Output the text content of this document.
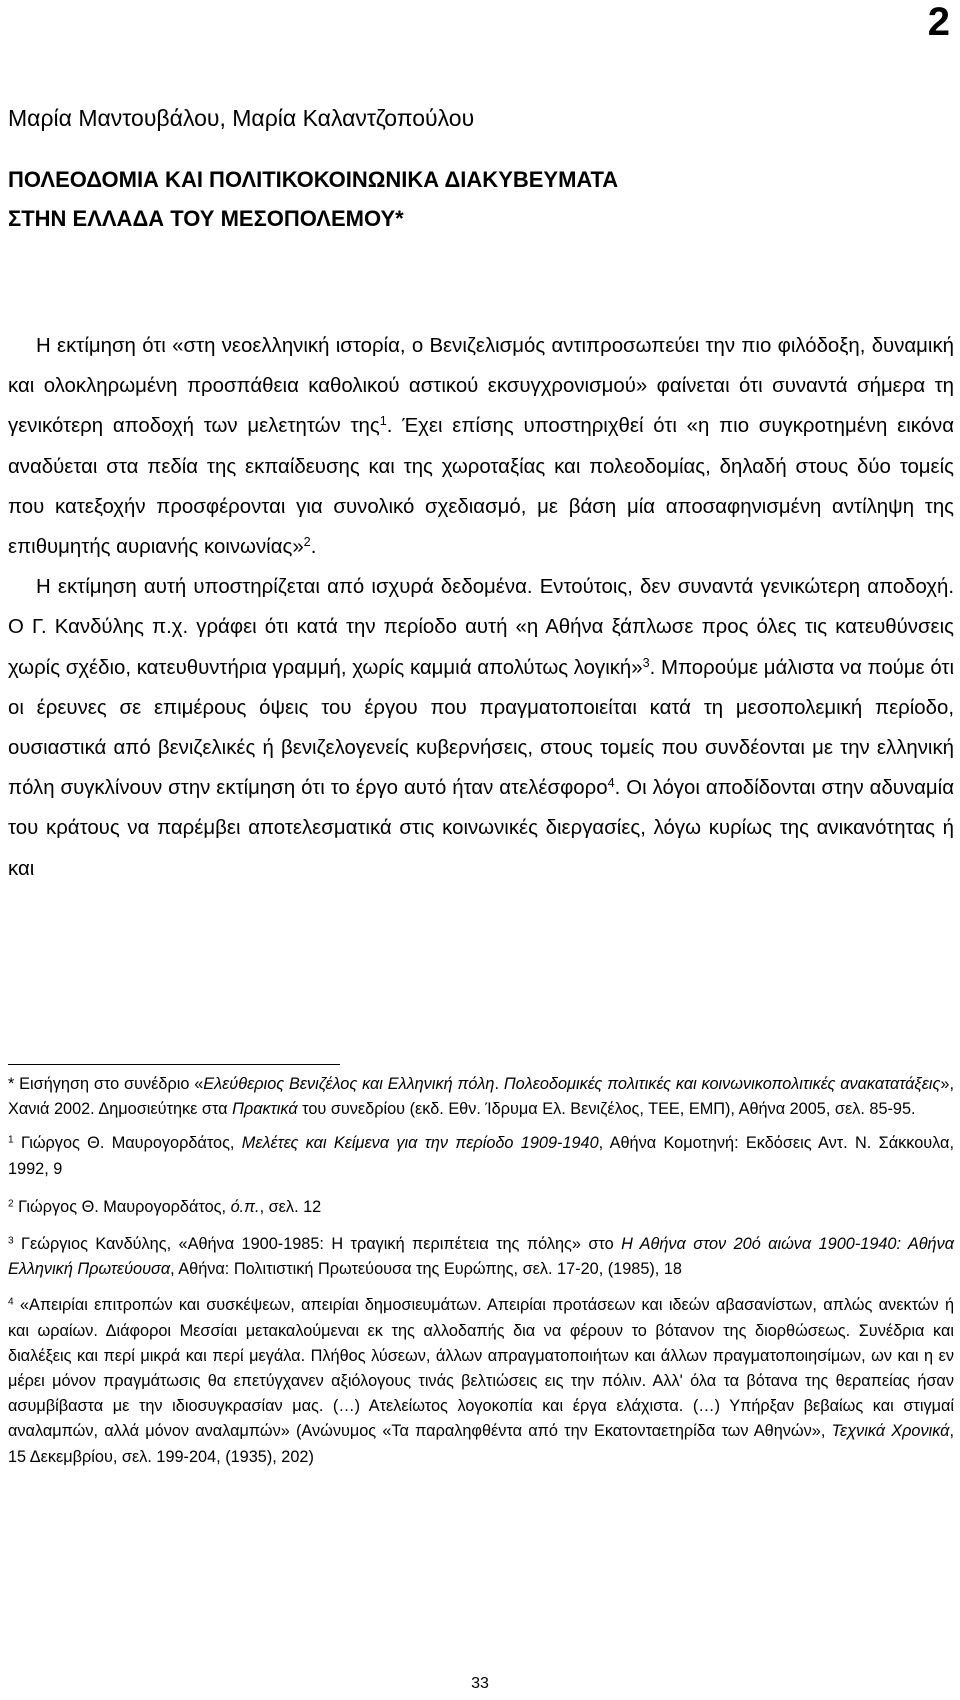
2
Μαρία Μαντουβάλου, Μαρία Καλαντζοπούλου
ΠΟΛΕΟΔΟΜΙΑ ΚΑΙ ΠΟΛΙΤΙΚΟΚΟΙΝΩΝΙΚΑ ΔΙΑΚΥΒΕΥΜΑΤΑ
ΣΤΗΝ ΕΛΛΑΔΑ ΤΟΥ ΜΕΣΟΠΟΛΕΜΟΥ*

Η εκτίμηση ότι «στη νεοελληνική ιστορία, ο Βενιζελισμός αντιπροσωπεύει την πιο φιλόδοξη, δυναμική και ολοκληρωμένη προσπάθεια καθολικού αστικού εκσυγχρονισμού» φαίνεται ότι συναντά σήμερα τη γενικότερη αποδοχή των μελετητών της$^1$. Έχει επίσης υποστηριχθεί ότι «η πιο συγκροτημένη εικόνα αναδύεται στα πεδία της εκπαίδευσης και της χωροταξίας και πολεοδομίας, δηλαδή στους δύο τομείς που κατεξοχήν προσφέρονται για συνολικό σχεδιασμό, με βάση μία αποσαφηνισμένη αντίληψη της επιθυμητής αυριανής κοινωνίας»$^2$.

Η εκτίμηση αυτή υποστηρίζεται από ισχυρά δεδομένα. Εντούτοις, δεν συναντά γενικώτερη αποδοχή. Ο Γ. Κανδύλης π.χ. γράφει ότι κατά την περίοδο αυτή «η Αθήνα ξάπλωσε προς όλες τις κατευθύνσεις χωρίς σχέδιο, κατευθυντήρια γραμμή, χωρίς καμμιά απολύτως λογική»$^3$. Μπορούμε μάλιστα να πούμε ότι οι έρευνες σε επιμέρους όψεις του έργου που πραγματοποιείται κατά τη μεσοπολεμική περίοδο, ουσιαστικά από βενιζελικές ή βενιζελογενείς κυβερνήσεις, στους τομείς που συνδέονται με την ελληνική πόλη συγκλίνουν στην εκτίμηση ότι το έργο αυτό ήταν ατελέσφορο$^4$. Οι λόγοι αποδίδονται στην αδυναμία του κράτους να παρέμβει αποτελεσματικά στις κοινωνικές διεργασίες, λόγω κυρίως της ανικανότητας ή και

* Εισήγηση στο συνέδριο «Ελεύθεριος Βενιζέλος και Ελληνική πόλη. Πολεοδομικές πολιτικές και κοινωνικοπολιτικές ανακατατάξεις», Χανιά 2002. Δημοσιεύτηκε στα Πρακτικά του συνεδρίου (εκδ. Εθν. Ίδρυμα Ελ. Βενιζέλος, ΤΕΕ, ΕΜΠ), Αθήνα 2005, σελ. 85-95.

$^1$ Γιώργος Θ. Μαυρογορδάτος, Μελέτες και Κείμενα για την περίοδο 1909-1940, Αθήνα Κομοτηνή: Εκδόσεις Αντ. Ν. Σάκκουλα, 1992, 9

$^2$ Γιώργος Θ. Μαυρογορδάτος, ό.π., σελ. 12

$^3$ Γεώργιος Κανδύλης, «Αθήνα 1900-1985: Η τραγική περιπέτεια της πόλης» στο Η Αθήνα στον 20ό αιώνα 1900-1940: Αθήνα Ελληνική Πρωτεύουσα, Αθήνα: Πολιτιστική Πρωτεύουσα της Ευρώπης, σελ. 17-20, (1985), 18

$^4$ «Απειρίαι επιτροπών και συσκέψεων, απειρίαι δημοσιευμάτων. Απειρίαι προτάσεων και ιδεών αβασανίστων, απλώς ανεκτών ή και ωραίων. Διάφοροι Μεσσίαι μετακαλούμεναι εκ της αλλοδαπής δια να φέρουν το βότανον της διορθώσεως. Συνέδρια και διαλέξεις και περί μικρά και περί μεγάλα. Πλήθος λύσεων, άλλων απραγματοποιήτων και άλλων πραγματοποιησίμων, ων και η εν μέρει μόνον πραγμάτωσις θα επετύγχανεν αξιόλογους τινάς βελτιώσεις εις την πόλιν. Αλλ' όλα τα βότανα της θεραπείας ήσαν ασυμβίβαστα με την ιδιοσυγκρασίαν μας. (…) Ατελείωτος λογοκοπία και έργα ελάχιστα. (…) Υπήρξαν βεβαίως και στιγμαί αναλαμπών, αλλά μόνον αναλαμπών» (Ανώνυμος «Τα παραληφθέντα από την Εκατονταετηρίδα των Αθηνών», Τεχνικά Χρονικά, 15 Δεκεμβρίου, σελ. 199-204, (1935), 202)

33
